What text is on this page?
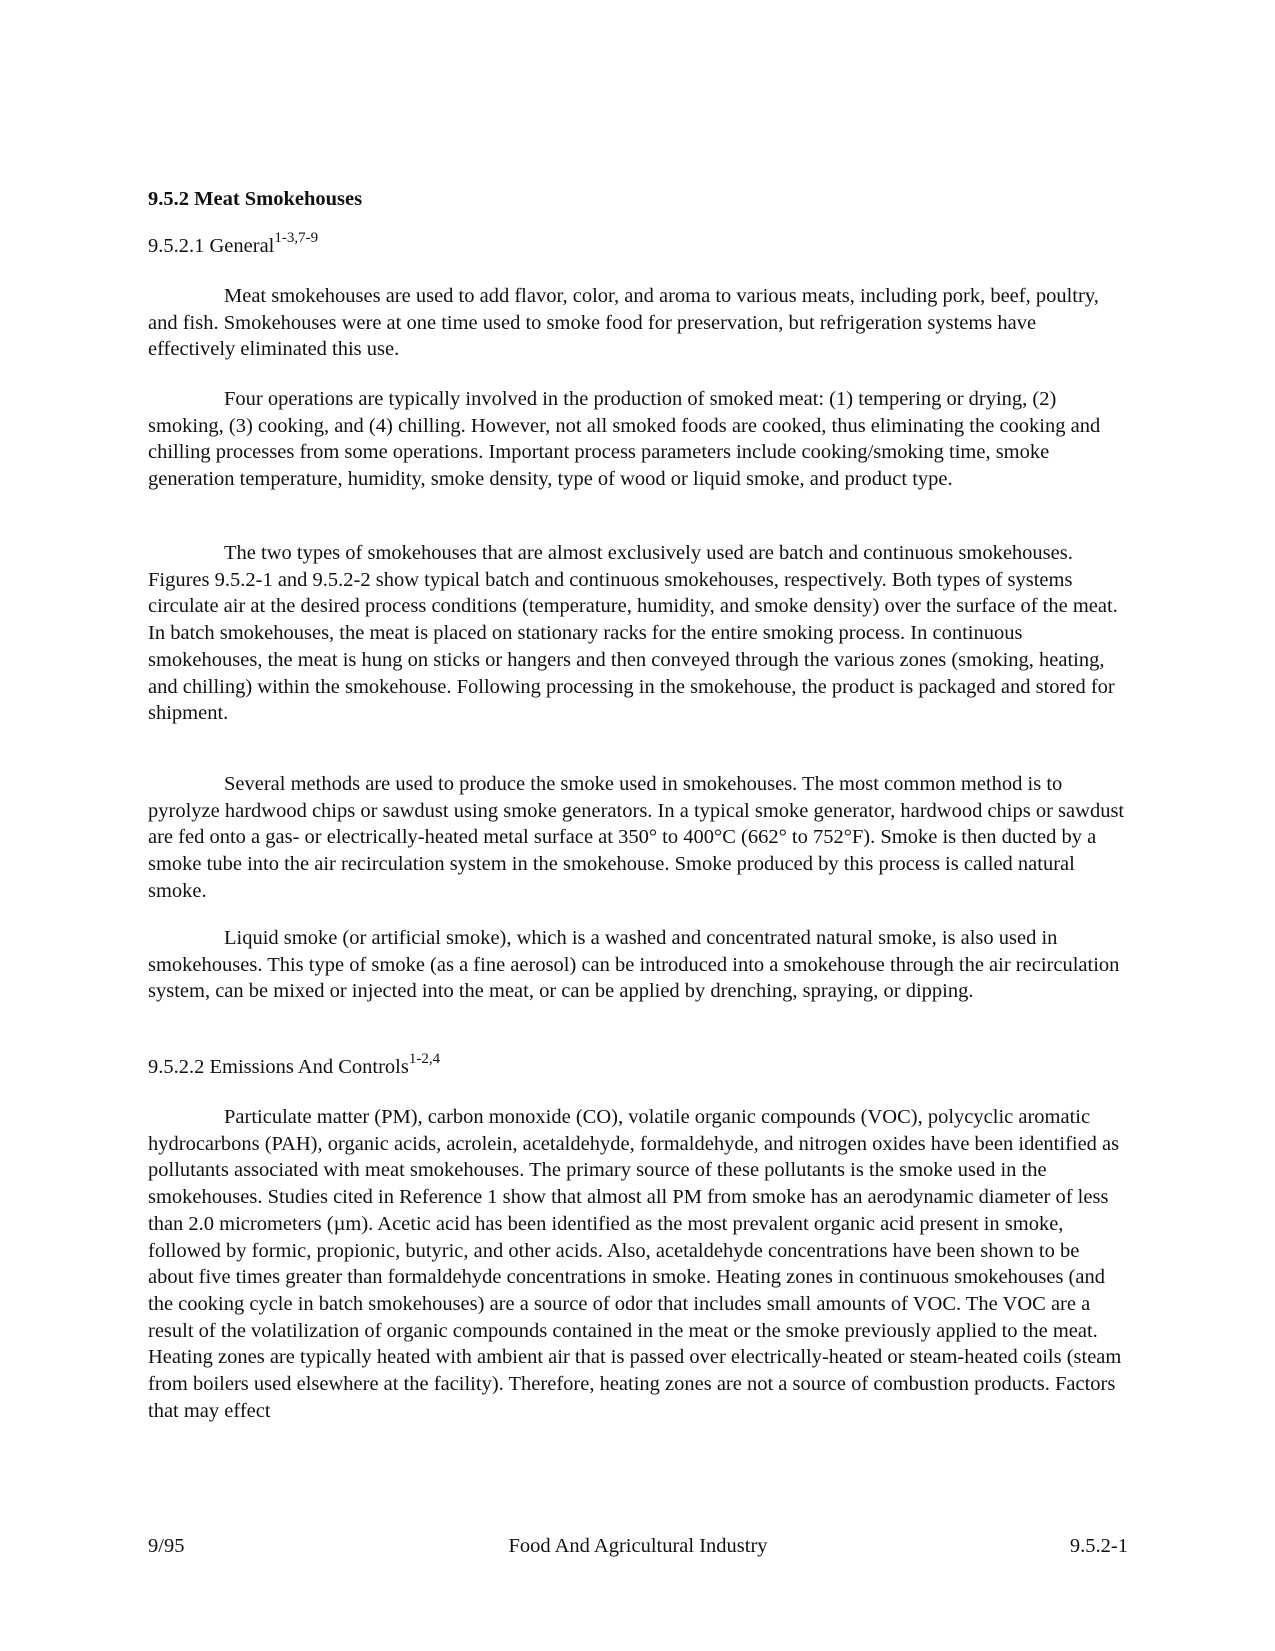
9.5.2 Meat Smokehouses

9.5.2.1 General$^{1-3,7-9}$

Meat smokehouses are used to add flavor, color, and aroma to various meats, including pork, beef, poultry, and fish. Smokehouses were at one time used to smoke food for preservation, but refrigeration systems have effectively eliminated this use.

Four operations are typically involved in the production of smoked meat: (1) tempering or drying, (2) smoking, (3) cooking, and (4) chilling. However, not all smoked foods are cooked, thus eliminating the cooking and chilling processes from some operations. Important process parameters include cooking/smoking time, smoke generation temperature, humidity, smoke density, type of wood or liquid smoke, and product type.

The two types of smokehouses that are almost exclusively used are batch and continuous smokehouses. Figures 9.5.2-1 and 9.5.2-2 show typical batch and continuous smokehouses, respectively. Both types of systems circulate air at the desired process conditions (temperature, humidity, and smoke density) over the surface of the meat. In batch smokehouses, the meat is placed on stationary racks for the entire smoking process. In continuous smokehouses, the meat is hung on sticks or hangers and then conveyed through the various zones (smoking, heating, and chilling) within the smokehouse. Following processing in the smokehouse, the product is packaged and stored for shipment.

Several methods are used to produce the smoke used in smokehouses. The most common method is to pyrolyze hardwood chips or sawdust using smoke generators. In a typical smoke generator, hardwood chips or sawdust are fed onto a gas- or electrically-heated metal surface at 350° to 400°C (662° to 752°F). Smoke is then ducted by a smoke tube into the air recirculation system in the smokehouse. Smoke produced by this process is called natural smoke.

Liquid smoke (or artificial smoke), which is a washed and concentrated natural smoke, is also used in smokehouses. This type of smoke (as a fine aerosol) can be introduced into a smokehouse through the air recirculation system, can be mixed or injected into the meat, or can be applied by drenching, spraying, or dipping.

9.5.2.2 Emissions And Controls$^{1-2,4}$

Particulate matter (PM), carbon monoxide (CO), volatile organic compounds (VOC), polycyclic aromatic hydrocarbons (PAH), organic acids, acrolein, acetaldehyde, formaldehyde, and nitrogen oxides have been identified as pollutants associated with meat smokehouses. The primary source of these pollutants is the smoke used in the smokehouses. Studies cited in Reference 1 show that almost all PM from smoke has an aerodynamic diameter of less than 2.0 micrometers (µm). Acetic acid has been identified as the most prevalent organic acid present in smoke, followed by formic, propionic, butyric, and other acids. Also, acetaldehyde concentrations have been shown to be about five times greater than formaldehyde concentrations in smoke. Heating zones in continuous smokehouses (and the cooking cycle in batch smokehouses) are a source of odor that includes small amounts of VOC. The VOC are a result of the volatilization of organic compounds contained in the meat or the smoke previously applied to the meat. Heating zones are typically heated with ambient air that is passed over electrically-heated or steam-heated coils (steam from boilers used elsewhere at the facility). Therefore, heating zones are not a source of combustion products. Factors that may effect

9/95	Food And Agricultural Industry	9.5.2-1
